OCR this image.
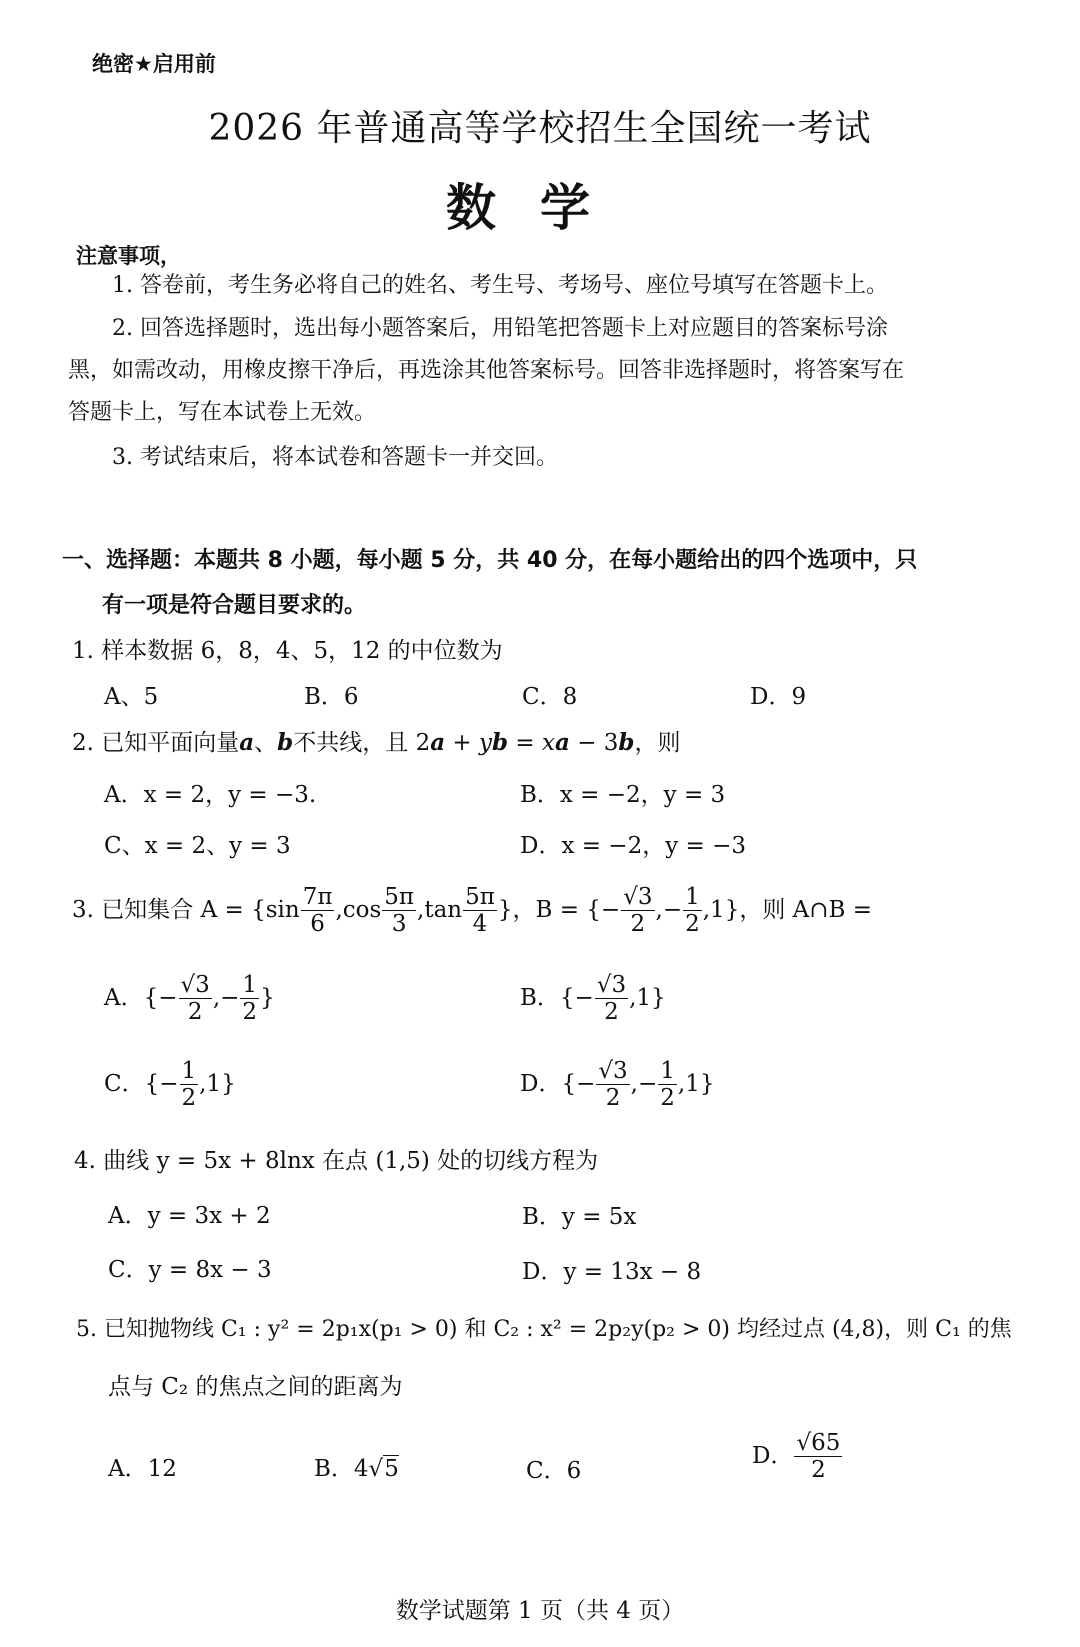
绝密★启用前
2026 年普通高等学校招生全国统一考试
数学
注意事项，
1. 答卷前，考生务必将自己的姓名、考生号、考场号、座位号填写在答题卡上。
2. 回答选择题时，选出每小题答案后，用铅笔把答题卡上对应题目的答案标号涂
黑，如需改动，用橡皮擦干净后，再选涂其他答案标号。回答非选择题时，将答案写在
答题卡上，写在本试卷上无效。
3. 考试结束后，将本试卷和答题卡一并交回。
一、选择题：本题共 8 小题，每小题 5 分，共 40 分，在每小题给出的四个选项中，只
有一项是符合题目要求的。
1. 样本数据 6，8，4、5，12 的中位数为
A、5	B．6	C．8	D．9
2. 已知平面向量a、b不共线，且 2a + yb = xa − 3b，则
A．x = 2，y = −3.	B．x = −2，y = 3
C、x = 2、y = 3	D．x = −2，y = −3
3. 已知集合 $A = \{\sin \frac{7\pi}{6} ,\cos \frac{5\pi}{3} ,\tan \frac{5\pi}{4}$ }，B = {− $\frac{√3}{2}$ ,− $\frac{1}{2} ,1$}，则 A∩B =
A．{− $\frac{√3}{2}$ ,− $\frac{1}{2}$ }	B．{− $\frac{√3}{2} ,1$}
C．{− $\frac{1}{2} ,1$}	D．{− $\frac{√3}{2}$ ,− $\frac{1}{2} ,1$}
4. 曲线 y = 5x + 8lnx 在点 (1,5) 处的切线方程为
A．y = 3x + 2	B．y = 5x
C．y = 8x − 3	D．y = 13x − 8
5. 已知抛物线 C₁ : y² = 2p₁x(p₁ > 0) 和 C₂ : x² = 2p₂y(p₂ > 0) 均经过点 (4,8)，则 C₁ 的焦
点与 C₂ 的焦点之间的距离为
A．12	B．4√5	C．6
D． $\frac{√65}{2}$
数学试题第 1 页（共 4 页）
